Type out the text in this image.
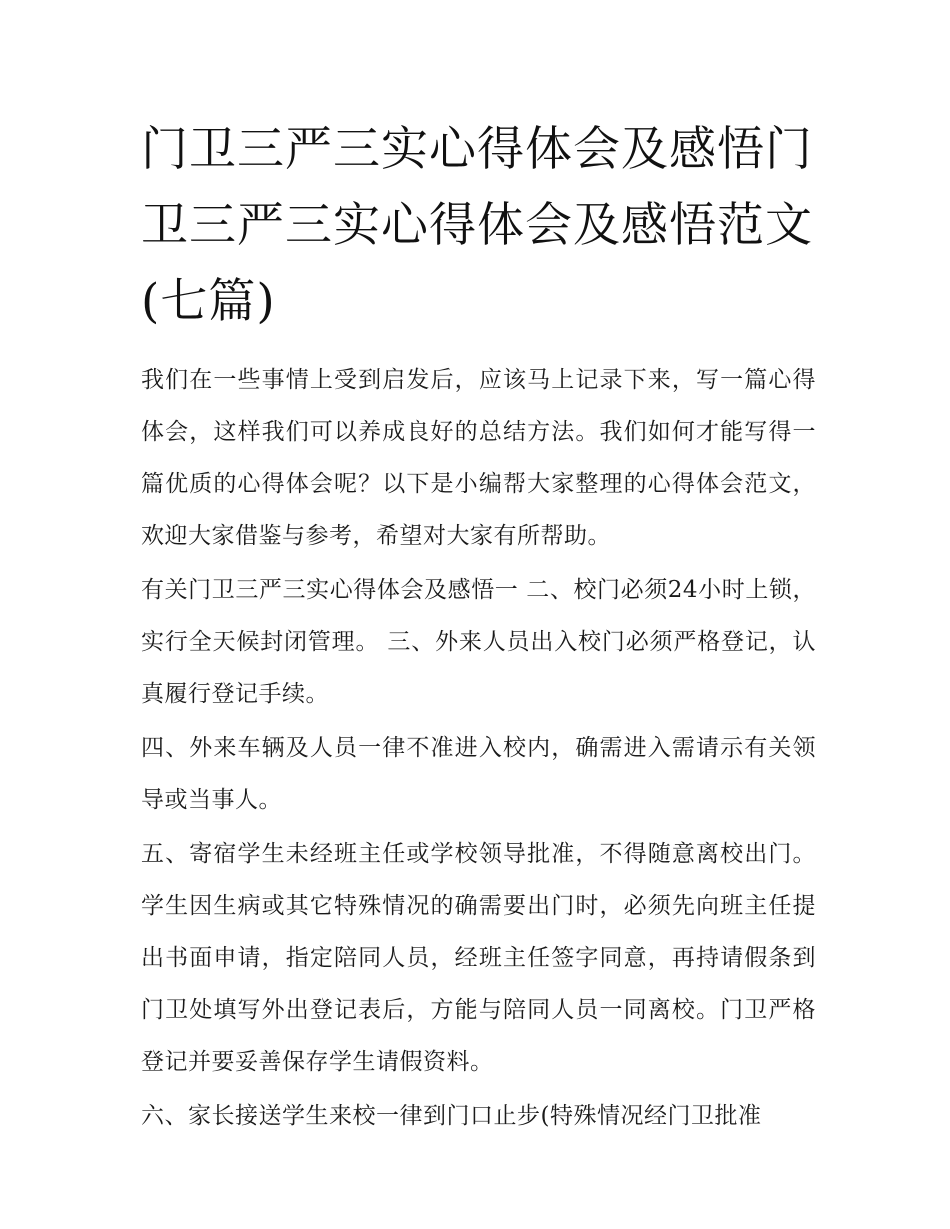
门卫三严三实心得体会及感悟门卫三严三实心得体会及感悟范文(七篇)

我们在一些事情上受到启发后，应该马上记录下来，写一篇心得体会，这样我们可以养成良好的总结方法。我们如何才能写得一篇优质的心得体会呢？以下是小编帮大家整理的心得体会范文，欢迎大家借鉴与参考，希望对大家有所帮助。

有关门卫三严三实心得体会及感悟一 二、校门必须24小时上锁，实行全天候封闭管理。 三、外来人员出入校门必须严格登记，认真履行登记手续。

四、外来车辆及人员一律不准进入校内，确需进入需请示有关领导或当事人。

五、寄宿学生未经班主任或学校领导批准，不得随意离校出门。学生因生病或其它特殊情况的确需要出门时，必须先向班主任提出书面申请，指定陪同人员，经班主任签字同意，再持请假条到门卫处填写外出登记表后，方能与陪同人员一同离校。门卫严格登记并要妥善保存学生请假资料。

六、家长接送学生来校一律到门口止步(特殊情况经门卫批准
